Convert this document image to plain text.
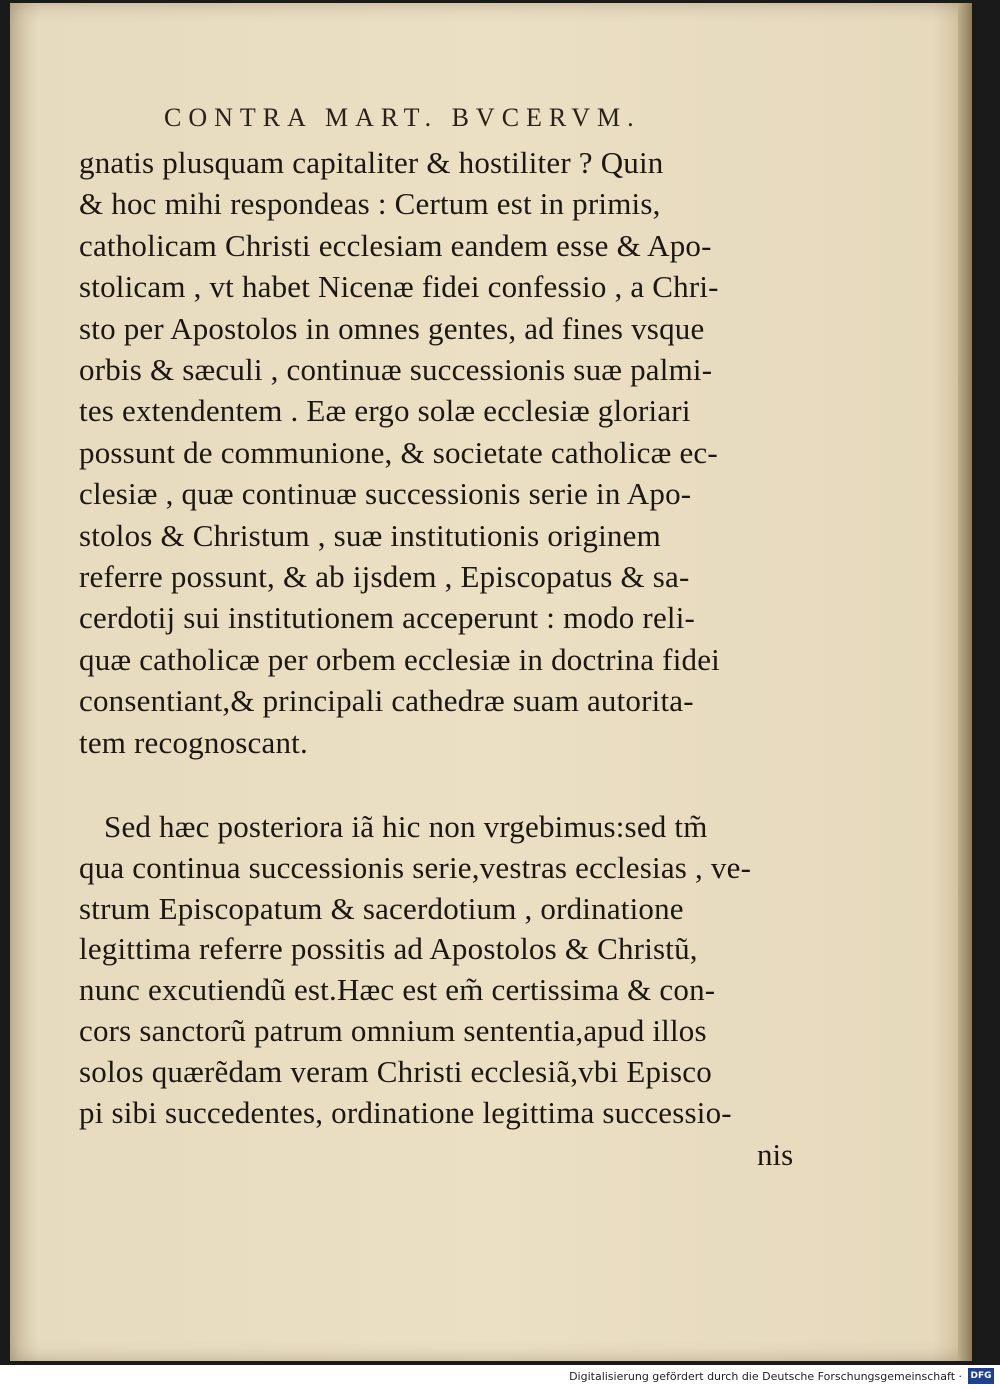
CONTRA MART. BVCERVM.
gnatis plusquam capitaliter & hostiliter ? Quin
& hoc mihi respondeas : Certum est in primis,
catholicam Christi ecclesiam eandem esse & Apo-
stolicam , vt habet Nicenæ fidei confessio , a Chri-
sto per Apostolos in omnes gentes, ad fines vsque
orbis & sæculi , continuæ successionis suæ palmi-
tes extendentem . Eæ ergo solæ ecclesiæ gloriari
possunt de communione, & societate catholicæ ec-
clesiæ , quæ continuæ successionis serie in Apo-
stolos & Christum , suæ institutionis originem
referre possunt, & ab ijsdem , Episcopatus & sa-
cerdotij sui institutionem acceperunt : modo reli-
quæ catholicæ per orbem ecclesiæ in doctrina fidei
consentiant,& principali cathedræ suam autorita-
tem recognoscant.
Sed hæc posteriora iã hic non vrgebimus:sed tm̃
qua continua successionis serie,vestras ecclesias , ve-
strum Episcopatum & sacerdotium , ordinatione
legittima referre possitis ad Apostolos & Christũ,
nunc excutiendũ est.Hæc est em̃ certissima & con-
cors sanctorũ patrum omnium sententia,apud illos
solos quærẽdam veram Christi ecclesiã,vbi Episco
pi sibi succedentes, ordinatione legittima successio-
nis
Digitalisierung gefördert durch die Deutsche Forschungsgemeinschaft · DFG
